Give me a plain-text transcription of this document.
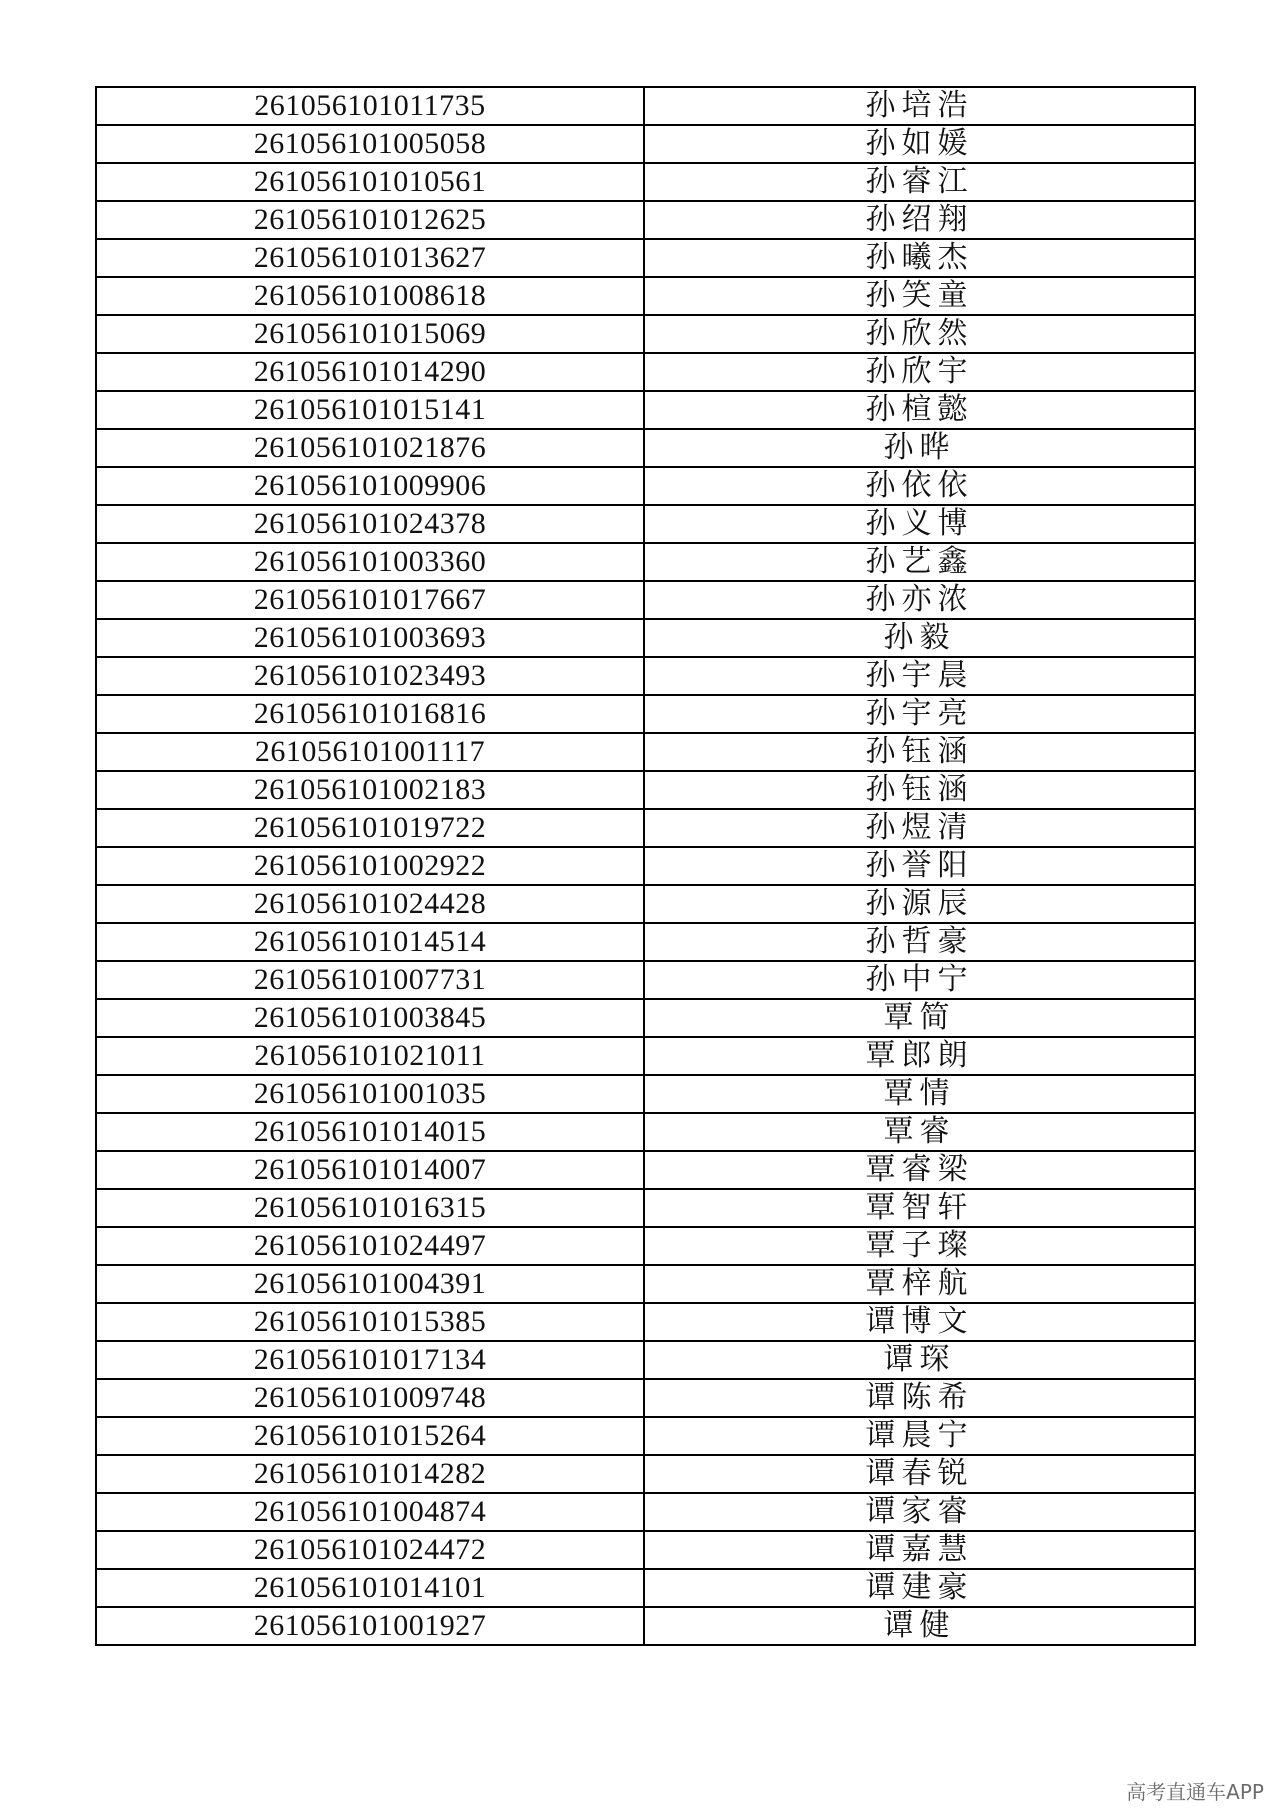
261056101011735	孙培浩
261056101005058	孙如媛
261056101010561	孙睿江
261056101012625	孙绍翔
261056101013627	孙曦杰
261056101008618	孙笑童
261056101015069	孙欣然
261056101014290	孙欣宇
261056101015141	孙楦懿
261056101021876	孙晔
261056101009906	孙依依
261056101024378	孙义博
261056101003360	孙艺鑫
261056101017667	孙亦浓
261056101003693	孙毅
261056101023493	孙宇晨
261056101016816	孙宇亮
261056101001117	孙钰涵
261056101002183	孙钰涵
261056101019722	孙煜清
261056101002922	孙誉阳
261056101024428	孙源辰
261056101014514	孙哲豪
261056101007731	孙中宁
261056101003845	覃简
261056101021011	覃郎朗
261056101001035	覃情
261056101014015	覃睿
261056101014007	覃睿梁
261056101016315	覃智轩
261056101024497	覃子璨
261056101004391	覃梓航
261056101015385	谭博文
261056101017134	谭琛
261056101009748	谭陈希
261056101015264	谭晨宁
261056101014282	谭春锐
261056101004874	谭家睿
261056101024472	谭嘉慧
261056101014101	谭建豪
261056101001927	谭健
高考直通车APP
